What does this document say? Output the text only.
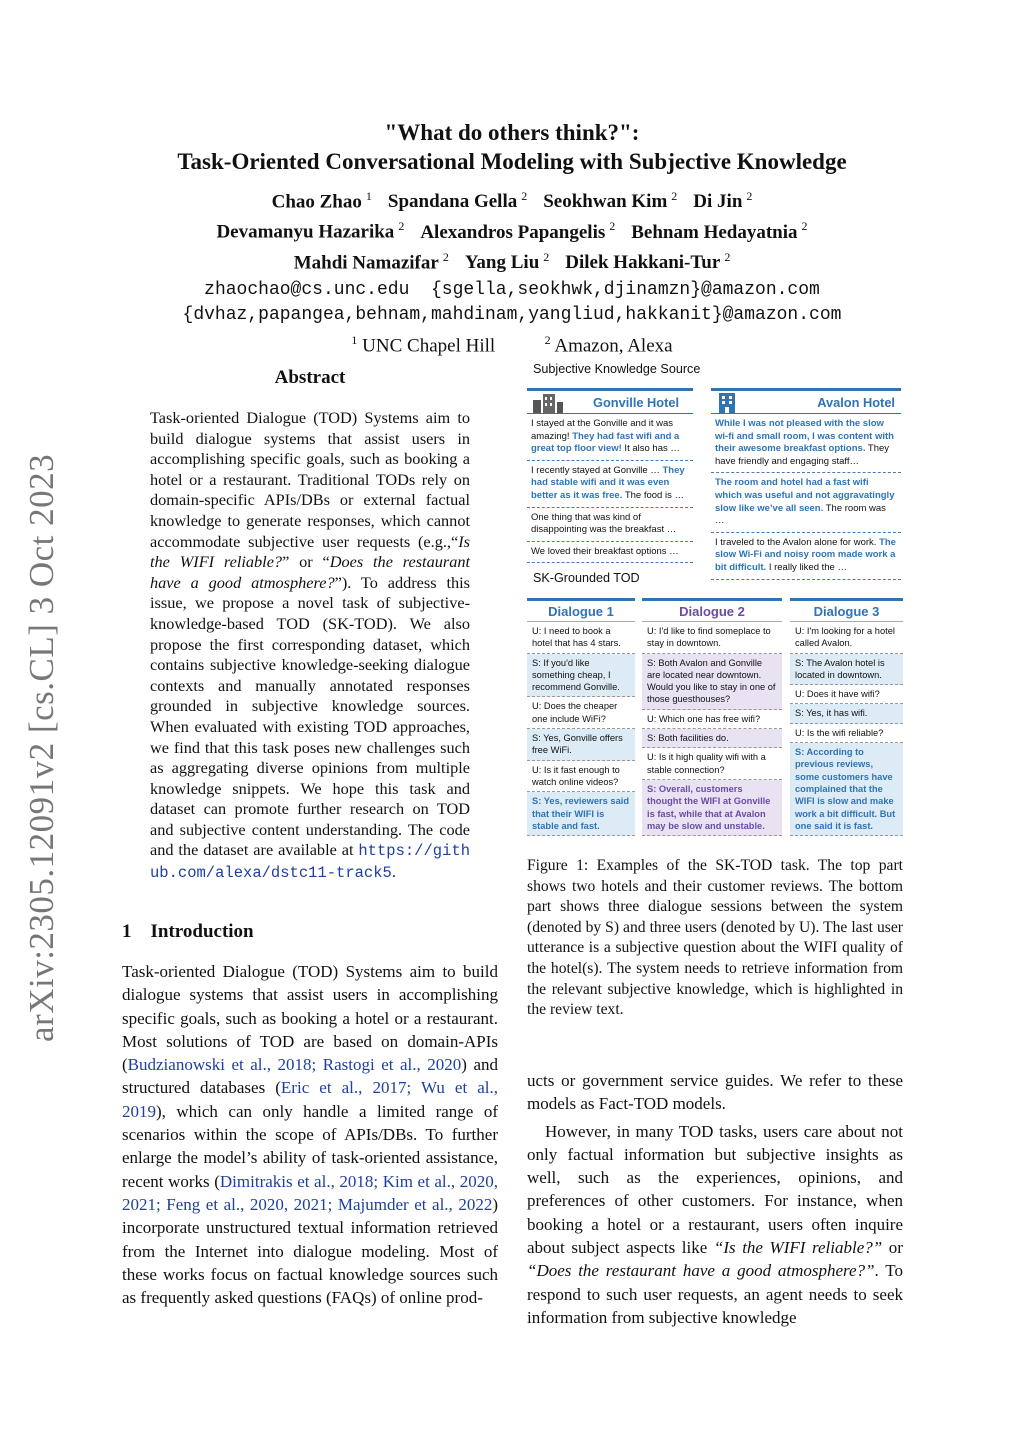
arXiv:2305.12091v2 [cs.CL] 3 Oct 2023
"What do others think?":
Task-Oriented Conversational Modeling with Subjective Knowledge
Chao Zhao $^1$ Spandana Gella $^2$ Seokhwan Kim $^2$ Di Jin $^2$
Devamanyu Hazarika $^2$ Alexandros Papangelis $^2$ Behnam Hedayatnia $^2$
Mahdi Namazifar $^2$ Yang Liu $^2$ Dilek Hakkani-Tur $^2$
zhaochao@cs.unc.edu  {sgella,seokhwk,djinamzn}@amazon.com
{dvhaz,papangea,behnam,mahdinam,yangliud,hakkanit}@amazon.com
$^1$ UNC Chapel Hill	$^2$ Amazon, Alexa
Abstract
Task-oriented Dialogue (TOD) Systems aim to build dialogue systems that assist users in accomplishing specific goals, such as booking a hotel or a restaurant. Traditional TODs rely on domain-specific APIs/DBs or external factual knowledge to generate responses, which cannot accommodate subjective user requests (e.g.,“Is the WIFI reliable?” or “Does the restaurant have a good atmosphere?”). To address this issue, we propose a novel task of subjective-knowledge-based TOD (SK-TOD). We also propose the first corresponding dataset, which contains subjective knowledge-seeking dialogue contexts and manually annotated responses grounded in subjective knowledge sources. When evaluated with existing TOD approaches, we find that this task poses new challenges such as aggregating diverse opinions from multiple knowledge snippets. We hope this task and dataset can promote further research on TOD and subjective content understanding. The code and the dataset are available at https://github.com/alexa/dstc11-track5.
1    Introduction
Task-oriented Dialogue (TOD) Systems aim to build dialogue systems that assist users in accomplishing specific goals, such as booking a hotel or a restaurant. Most solutions of TOD are based on domain-APIs (Budzianowski et al., 2018; Rastogi et al., 2020) and structured databases (Eric et al., 2017; Wu et al., 2019), which can only handle a limited range of scenarios within the scope of APIs/DBs. To further enlarge the model’s ability of task-oriented assistance, recent works (Dimitrakis et al., 2018; Kim et al., 2020, 2021; Feng et al., 2020, 2021; Majumder et al., 2022) incorporate unstructured textual information retrieved from the Internet into dialogue modeling. Most of these works focus on factual knowledge sources such as frequently asked questions (FAQs) of online prod-
Subjective Knowledge Source
Gonville Hotel
I stayed at the Gonville and it was amazing! They had fast wifi and a great top floor view! It also has …
I recently stayed at Gonville … They had stable wifi and it was even better as it was free. The food is …
One thing that was kind of disappointing was the breakfast …
We loved their breakfast options …
Avalon Hotel
While I was not pleased with the slow wi-fi and small room, I was content with their awesome breakfast options. They have friendly and engaging staff…
The room and hotel had a fast wifi which was useful and not aggravatingly slow like we’ve all seen. The room was …
I traveled to the Avalon alone for work. The slow Wi-Fi and noisy room made work a bit difficult. I really liked the …
SK-Grounded TOD
Dialogue 1
U: I need to book a hotel that has 4 stars.
S: If you'd like something cheap, I recommend Gonville.
U: Does the cheaper one include WiFi?
S: Yes, Gonville offers free WiFi.
U: Is it fast enough to watch online videos?
S: Yes, reviewers said that their WIFI is stable and fast.
Dialogue 2
U: I'd like to find someplace to stay in downtown.
S: Both Avalon and Gonville are located near downtown. Would you like to stay in one of those guesthouses?
U: Which one has free wifi?
S: Both facilities do.
U: Is it high quality wifi with a stable connection?
S: Overall, customers thought the WIFI at Gonville is fast, while that at Avalon may be slow and unstable.
Dialogue 3
U: I'm looking for a hotel called Avalon.
S: The Avalon hotel is located in downtown.
U: Does it have wifi?
S: Yes, it has wifi.
U: Is the wifi reliable?
S: According to previous reviews, some customers have complained that the WIFI is slow and make work a bit difficult. But one said it is fast.
Figure 1: Examples of the SK-TOD task. The top part shows two hotels and their customer reviews. The bottom part shows three dialogue sessions between the system (denoted by S) and three users (denoted by U). The last user utterance is a subjective question about the WIFI quality of the hotel(s). The system needs to retrieve information from the relevant subjective knowledge, which is highlighted in the review text.

ucts or government service guides. We refer to these models as Fact-TOD models.

However, in many TOD tasks, users care about not only factual information but subjective insights as well, such as the experiences, opinions, and preferences of other customers. For instance, when booking a hotel or a restaurant, users often inquire about subject aspects like “Is the WIFI reliable?” or “Does the restaurant have a good atmosphere?”. To respond to such user requests, an agent needs to seek information from subjective knowledge
